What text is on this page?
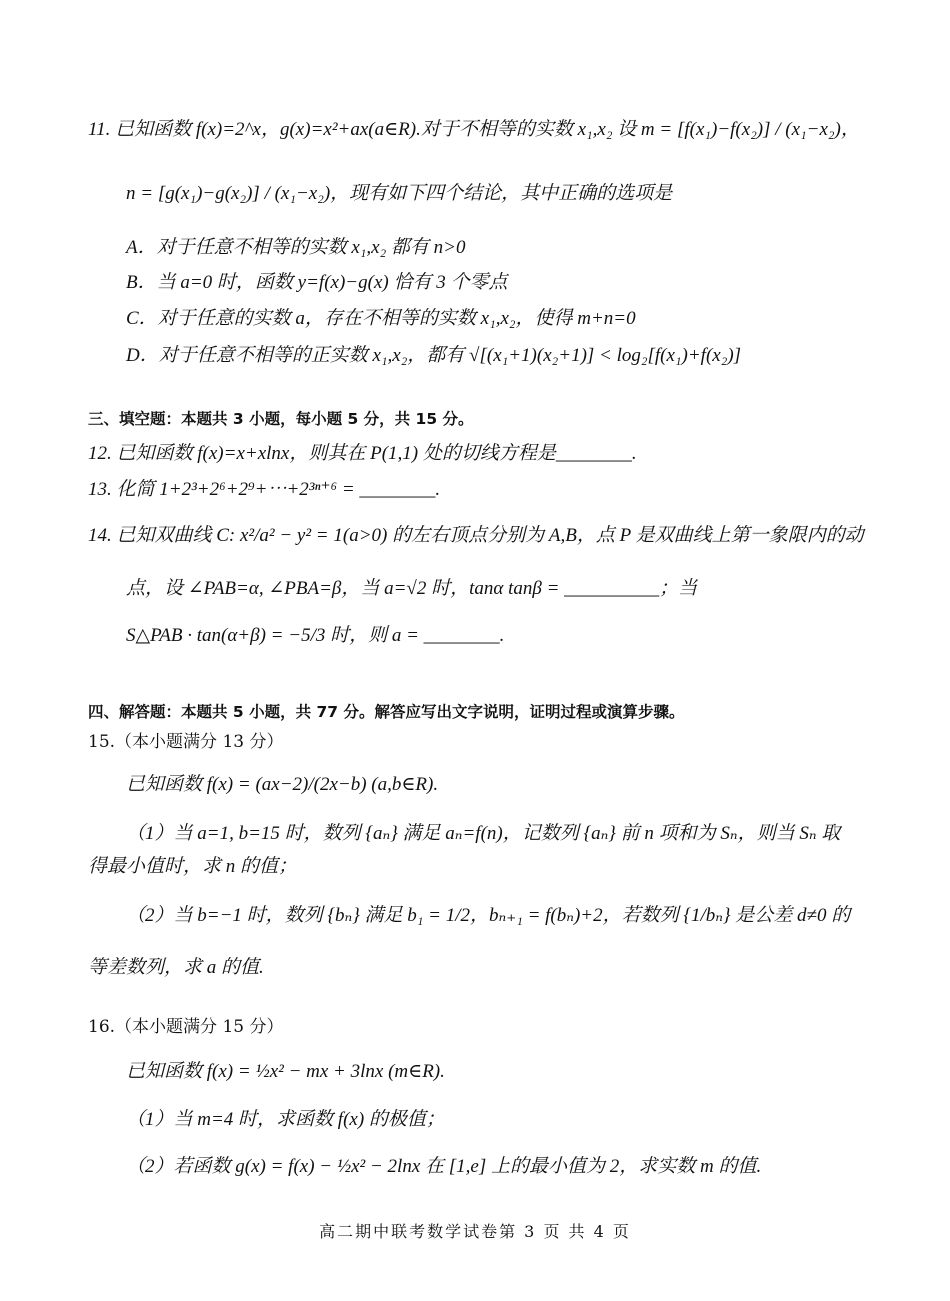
11. 已知函数 f(x)=2^x，g(x)=x²+ax(a∈R).对于不相等的实数 x₁,x₂ 设 m = [f(x₁)−f(x₂)] / (x₁−x₂)，
n = [g(x₁)−g(x₂)] / (x₁−x₂)，现有如下四个结论，其中正确的选项是
A．对于任意不相等的实数 x₁,x₂ 都有 n>0
B．当 a=0 时，函数 y=f(x)−g(x) 恰有 3 个零点
C．对于任意的实数 a，存在不相等的实数 x₁,x₂，使得 m+n=0
D．对于任意不相等的正实数 x₁,x₂，都有 √[(x₁+1)(x₂+1)] < log₂[f(x₁)+f(x₂)]
三、填空题：本题共 3 小题，每小题 5 分，共 15 分。
12. 已知函数 f(x)=x+xlnx，则其在 P(1,1) 处的切线方程是________.
13. 化简 1+2³+2⁶+2⁹+⋯+2³ⁿ⁺⁶ = ________.
14. 已知双曲线 C: x²/a² − y² = 1(a>0) 的左右顶点分别为 A,B，点 P 是双曲线上第一象限内的动
点，设 ∠PAB=α, ∠PBA=β，当 a=√2 时，tanα tanβ = __________；当
S△PAB · tan(α+β) = −5/3 时，则 a = ________.
四、解答题：本题共 5 小题，共 77 分。解答应写出文字说明，证明过程或演算步骤。
15.（本小题满分 13 分）
已知函数 f(x) = (ax−2)/(2x−b) (a,b∈R).
（1）当 a=1, b=15 时，数列 {aₙ} 满足 aₙ=f(n)，记数列 {aₙ} 前 n 项和为 Sₙ，则当 Sₙ 取
得最小值时，求 n 的值；
（2）当 b=−1 时，数列 {bₙ} 满足 b₁ = 1/2，bₙ₊₁ = f(bₙ)+2，若数列 {1/bₙ} 是公差 d≠0 的
等差数列，求 a 的值.
16.（本小题满分 15 分）
已知函数 f(x) = ½x² − mx + 3lnx (m∈R).
（1）当 m=4 时，求函数 f(x) 的极值；
（2）若函数 g(x) = f(x) − ½x² − 2lnx 在 [1,e] 上的最小值为 2，求实数 m 的值.
高二期中联考数学试卷第 3 页 共 4 页
